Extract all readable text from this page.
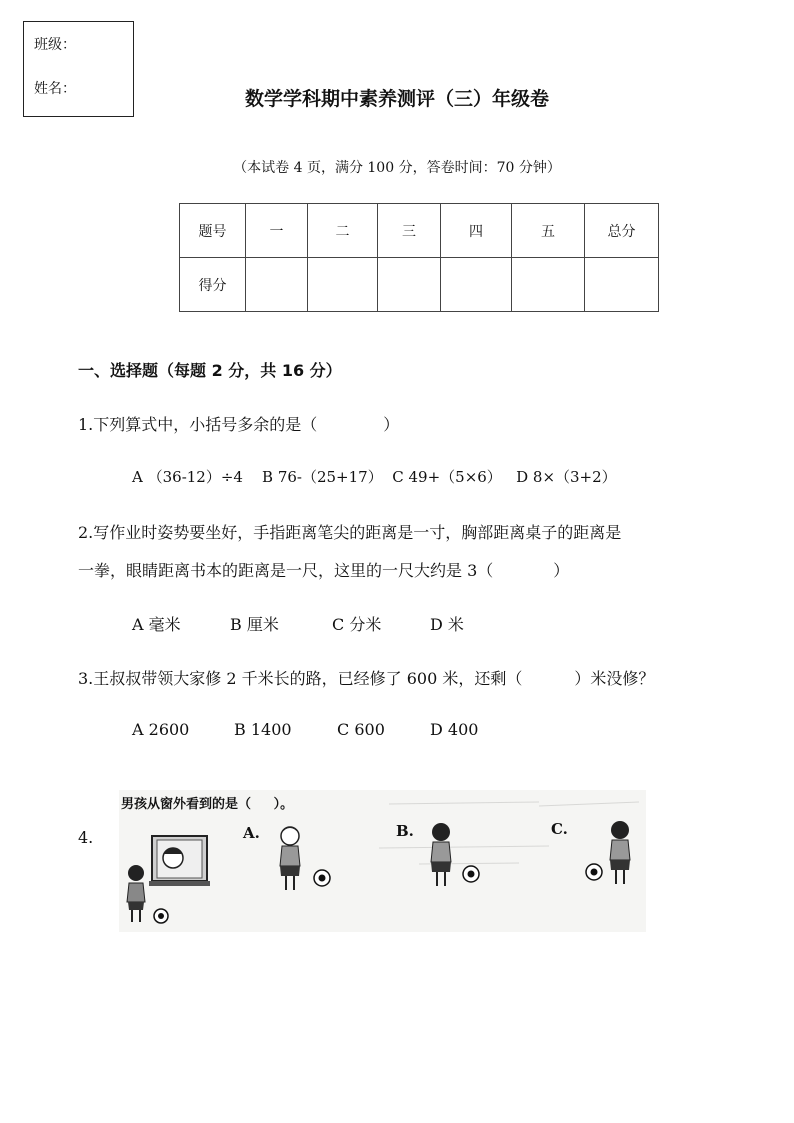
班级：
姓名：	数学学科期中素养测评（三）年级卷
（本试卷 4 页，满分 100 分，答卷时间：70 分钟）
题号	一	二	三	四	五	总分
得分						
一、选择题（每题 2 分，共 16 分）
1.下列算式中，小括号多余的是（	）
A （36-12）÷4    B 76-（25+17）  C 49+（5×6）   D 8×（3+2）
2.写作业时姿势要坐好，手指距离笔尖的距离是一寸，胸部距离桌子的距离是
一拳，眼睛距离书本的距离是一尺，这里的一尺大约是 3（	）
A 毫米	B 厘米	C 分米	D 米
3.王叔叔带领大家修 2 千米长的路，已经修了 600 米，还剩（	）米没修？
A 2600	B 1400	C 600	D 400
4.
男孩从窗外看到的是（     ）。
A.	B.	C.
